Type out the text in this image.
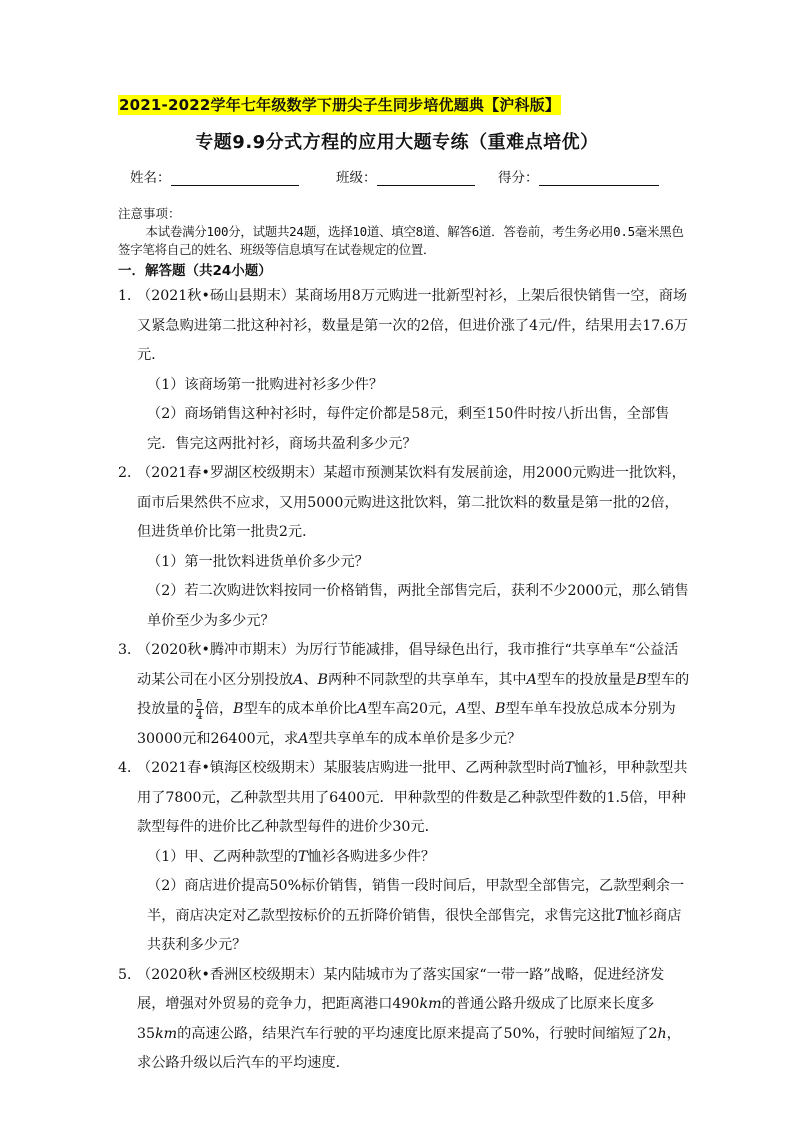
2021-2022学年七年级数学下册尖子生同步培优题典【沪科版】
专题9.9分式方程的应用大题专练（重难点培优）
姓名：	班级：	得分：
注意事项：
本试卷满分100分，试题共24题，选择10道、填空8道、解答6道．答卷前，考生务必用0.5毫米黑色签字笔将自己的姓名、班级等信息填写在试卷规定的位置．
一．解答题（共24小题）
1．
（2021秋•砀山县期末）某商场用8万元购进一批新型衬衫，上架后很快销售一空，商场又紧急购进第二批这种衬衫，数量是第一次的2倍，但进价涨了4元/件，结果用去17.6万元．
（1）该商场第一批购进衬衫多少件？
（2）商场销售这种衬衫时，每件定价都是58元，剩至150件时按八折出售，全部售完．售完这两批衬衫，商场共盈利多少元？
2．
（2021春•罗湖区校级期末）某超市预测某饮料有发展前途，用2000元购进一批饮料，面市后果然供不应求，又用5000元购进这批饮料，第二批饮料的数量是第一批的2倍，但进货单价比第一批贵2元．
（1）第一批饮料进货单价多少元？
（2）若二次购进饮料按同一价格销售，两批全部售完后，获利不少2000元，那么销售单价至少为多少元？
3．
（2020秋•腾冲市期末）为厉行节能减排，倡导绿色出行，我市推行“共享单车“公益活动某公司在小区分别投放A、B两种不同款型的共享单车，其中A型车的投放量是B型车的投放量的 $\frac{5}{4}$ 倍，B型车的成本单价比A型车高20元，A型、B型车单车投放总成本分别为30000元和26400元，求A型共享单车的成本单价是多少元？
4．
（2021春•镇海区校级期末）某服装店购进一批甲、乙两种款型时尚T恤衫，甲种款型共用了7800元，乙种款型共用了6400元．甲种款型的件数是乙种款型件数的1.5倍，甲种款型每件的进价比乙种款型每件的进价少30元．
（1）甲、乙两种款型的T恤衫各购进多少件？
（2）商店进价提高50%标价销售，销售一段时间后，甲款型全部售完，乙款型剩余一半，商店决定对乙款型按标价的五折降价销售，很快全部售完，求售完这批T恤衫商店共获利多少元？
5．
（2020秋•香洲区校级期末）某内陆城市为了落实国家“一带一路”战略，促进经济发展，增强对外贸易的竞争力，把距离港口490km的普通公路升级成了比原来长度多35km的高速公路，结果汽车行驶的平均速度比原来提高了50%，行驶时间缩短了2h，求公路升级以后汽车的平均速度．
